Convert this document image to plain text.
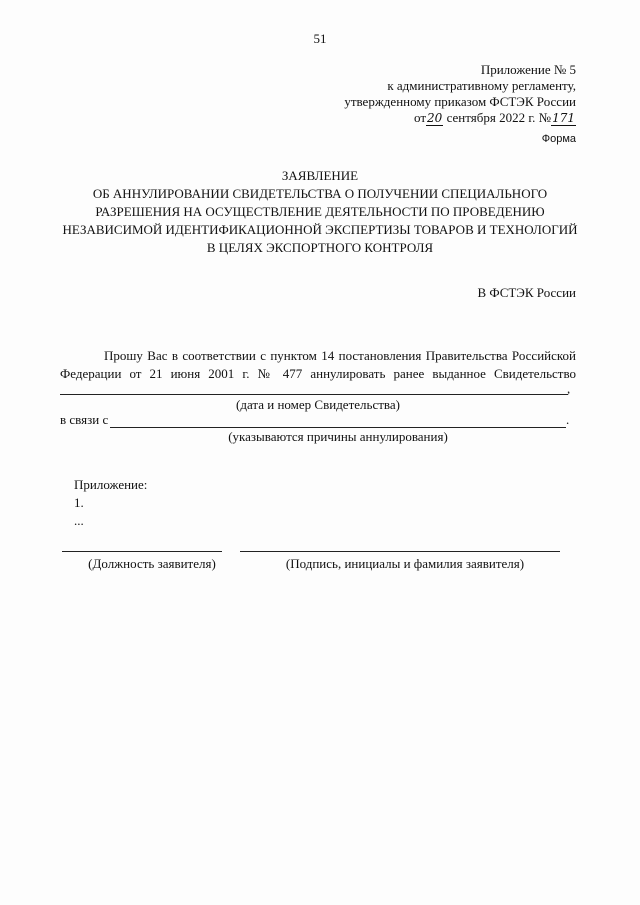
51
Приложение № 5
к административному регламенту,
утвержденному приказом ФСТЭК России
от20 сентября 2022 г. №171
Форма
ЗАЯВЛЕНИЕ
ОБ АННУЛИРОВАНИИ СВИДЕТЕЛЬСТВА О ПОЛУЧЕНИИ СПЕЦИАЛЬНОГО
РАЗРЕШЕНИЯ НА ОСУЩЕСТВЛЕНИЕ ДЕЯТЕЛЬНОСТИ ПО ПРОВЕДЕНИЮ
НЕЗАВИСИМОЙ ИДЕНТИФИКАЦИОННОЙ ЭКСПЕРТИЗЫ ТОВАРОВ И ТЕХНОЛОГИЙ
В ЦЕЛЯХ ЭКСПОРТНОГО КОНТРОЛЯ
В ФСТЭК России
Прошу Вас в соответствии с пунктом 14 постановления Правительства Российской
Федерации от 21 июня 2001 г. № 477 аннулировать ранее выданное Свидетельство
,
(дата и номер Свидетельства)
в связи с	.
(указываются причины аннулирования)
Приложение:
1.
...
(Должность заявителя)	(Подпись, инициалы и фамилия заявителя)
